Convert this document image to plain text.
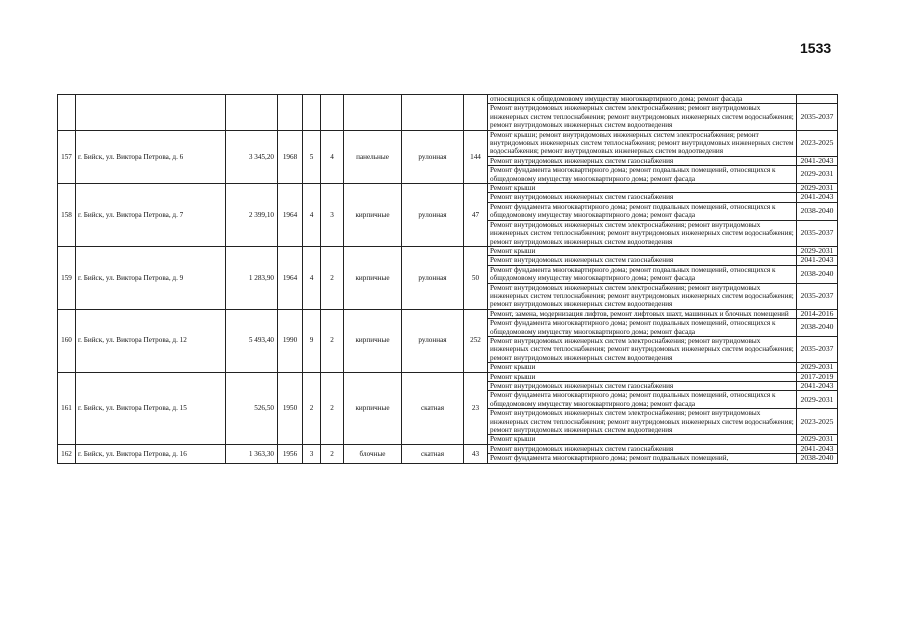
1533
									относящихся к общедомовому имуществу многоквартирного дома; ремонт фасада	
									Ремонт внутридомовых инженерных систем электроснабжения; ремонт внутридомовых инженерных систем теплоснабжения; ремонт внутридомовых инженерных систем водоснабжения; ремонт внутридомовых инженерных систем водоотведения	2035-2037
157	г. Бийск, ул. Виктора Петрова, д. 6	3 345,20	1968	5	4	панельные	рулонная	144	Ремонт крыши; ремонт внутридомовых инженерных систем электроснабжения; ремонт внутридомовых инженерных систем теплоснабжения; ремонт внутридомовых инженерных систем водоснабжения; ремонт внутридомовых инженерных систем водоотведения	2023-2025
									Ремонт внутридомовых инженерных систем газоснабжения	2041-2043
									Ремонт фундамента многоквартирного дома; ремонт подвальных помещений, относящихся к общедомовому имуществу многоквартирного дома; ремонт фасада	2029-2031
158	г. Бийск, ул. Виктора Петрова, д. 7	2 399,10	1964	4	3	кирпичные	рулонная	47	Ремонт крыши	2029-2031
									Ремонт внутридомовых инженерных систем газоснабжения	2041-2043
									Ремонт фундамента многоквартирного дома; ремонт подвальных помещений, относящихся к общедомовому имуществу многоквартирного дома; ремонт фасада	2038-2040
									Ремонт внутридомовых инженерных систем электроснабжения; ремонт внутридомовых инженерных систем теплоснабжения; ремонт внутридомовых инженерных систем водоснабжения; ремонт внутридомовых инженерных систем водоотведения	2035-2037
159	г. Бийск, ул. Виктора Петрова, д. 9	1 283,90	1964	4	2	кирпичные	рулонная	50	Ремонт крыши	2029-2031
									Ремонт внутридомовых инженерных систем газоснабжения	2041-2043
									Ремонт фундамента многоквартирного дома; ремонт подвальных помещений, относящихся к общедомовому имуществу многоквартирного дома; ремонт фасада	2038-2040
									Ремонт внутридомовых инженерных систем электроснабжения; ремонт внутридомовых инженерных систем теплоснабжения; ремонт внутридомовых инженерных систем водоснабжения; ремонт внутридомовых инженерных систем водоотведения	2035-2037
160	г. Бийск, ул. Виктора Петрова, д. 12	5 493,40	1990	9	2	кирпичные	рулонная	252	Ремонт, замена, модернизация лифтов, ремонт лифтовых шахт, машинных и блочных помещений	2014-2016
									Ремонт фундамента многоквартирного дома; ремонт подвальных помещений, относящихся к общедомовому имуществу многоквартирного дома; ремонт фасада	2038-2040
									Ремонт внутридомовых инженерных систем электроснабжения; ремонт внутридомовых инженерных систем теплоснабжения; ремонт внутридомовых инженерных систем водоснабжения; ремонт внутридомовых инженерных систем водоотведения	2035-2037
									Ремонт крыши	2029-2031
161	г. Бийск, ул. Виктора Петрова, д. 15	526,50	1950	2	2	кирпичные	скатная	23	Ремонт крыши	2017-2019
									Ремонт внутридомовых инженерных систем газоснабжения	2041-2043
									Ремонт фундамента многоквартирного дома; ремонт подвальных помещений, относящихся к общедомовому имуществу многоквартирного дома; ремонт фасада	2029-2031
									Ремонт внутридомовых инженерных систем электроснабжения; ремонт внутридомовых инженерных систем теплоснабжения; ремонт внутридомовых инженерных систем водоснабжения; ремонт внутридомовых инженерных систем водоотведения	2023-2025
									Ремонт крыши	2029-2031
162	г. Бийск, ул. Виктора Петрова, д. 16	1 363,30	1956	3	2	блочные	скатная	43	Ремонт внутридомовых инженерных систем газоснабжения	2041-2043
									Ремонт фундамента многоквартирного дома; ремонт подвальных помещений,	2038-2040
